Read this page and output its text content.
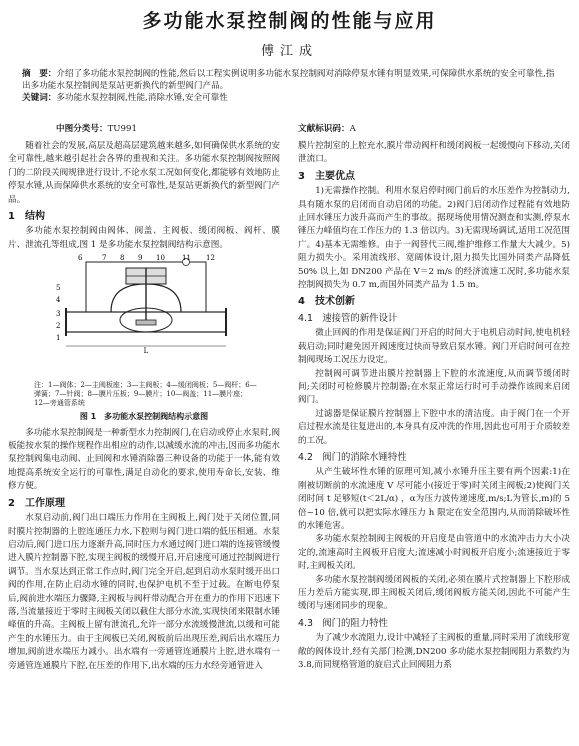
多功能水泵控制阀的性能与应用
傅江成
摘　要：介绍了多功能水泵控制阀的性能,然后以工程实例说明多功能水泵控制阀对消除停泵水锤有明显效果,可保障供水系统的安全可靠性,指出多功能水泵控制阀是泵站更新换代的新型阀门产品。
关键词：多功能水泵控制阀,性能,消除水锤,安全可靠性
中图分类号：TU991	文献标识码：A

随着社会的发展,高层及超高层建筑越来越多,如何确保供水系统的安全可靠性,越来越引起社会各界的重视和关注。多功能水泵控制阀按照阀门的二阶段关阀规律进行设计,不论水泵工况如何变化,都能够有效地防止停泵水锤,从而保障供水系统的安全可靠性,是泵站更新换代的新型阀门产品。

1　结构

多功能水泵控制阀由阀体、阀盖、主阀板、缓闭阀板、阀杆、膜片、泄流孔等组成,图 1 是多功能水泵控制阀结构示意图。

L
6	7 8 9 10 11 12
5
4
3
2
1
注：1—阀体；2—主阀板座；3—主阀板；4—缓闭阀板；5—阀杆；6—
弹簧；7—针阀；8—膜片压板；9—膜片；10—阀盖；11—膜片座；
12—旁通管系统
图 1　多功能水泵控制阀结构示意图

多功能水泵控制阀是一种新型水力控制阀门,在启动或停止水泵时,阀板能按水泵的操作规程作出相应的动作,以减缓水流的冲击,因而多功能水泵控制阀集电动阀、止回阀和水锤消除器三种设备的功能于一体,能有效地提高系统安全运行的可靠性,满足自动化的要求,使用寿命长,安装、维修方便。

2　工作原理

水泵启动前,阀门出口端压力作用在主阀板上,阀门处于关闭位置,同时膜片控制器的上腔连通压力水,下腔则与阀门进口端的低压相通。水泵启动后,阀门进口压力逐渐升高,同时压力水通过阀门进口端的连接管缓慢进入膜片控制器下腔,实现主阀板的缓慢开启,开启速度可通过控制阀进行调节。当水泵达到正常工作点时,阀门完全开启,起到启动水泵时缓开出口阀的作用,在防止启动水锤的同时,也保护电机不至于过载。在断电停泵后,阀前进水端压力骤降,主阀板与阀杆带动配合开在重力的作用下迅速下落,当流量接近于零时主阀板关闭以截住大部分水流,实现快闭来限制水锤峰值的升高。主阀板上留有泄流孔,允许一部分水流缓慢泄流,以缓和可能产生的水锤压力。由于主阀板已关闭,阀板前后出现压差,阀后出水端压力增加,阀前进水端压力减小。出水端有一旁通管连通膜片上腔,进水端有一旁通管连通膜片下腔,在压差的作用下,出水端的压力水经旁通管进入

膜片控制室的上腔充水,膜片带动阀杆和缓闭阀板一起缓慢向下移动,关闭泄流口。

3　主要优点

1)无需操作控制。利用水泵启停时阀门前后的水压差作为控制动力,具有随水泵的启闭而自动启闭的功能。2)阀门启闭动作过程能有效地防止回水锤压力波升高而产生的事故。据现场使用情况测查和实测,停泵水锤压力峰值均在工作压力的 1.3 倍以内。3)无需现场调试,适用工况范围广。4)基本无需维修。由于一阀替代三阀,维护维修工作量大大减少。5)阻力损失小。采用流线形、宽阔体设计,阻力损失比国外同类产品降低 50% 以上,如 DN200 产品在 V＝2 m/s 的经济流速工况时,多功能水泵控制阀损失为 0.7 m,而国外同类产品为 1.5 m。

4　技术创新
4.1　速接管的新件设计

微止回阀的作用是保证阀门开启的时间大于电机启动时间,使电机轻载启动;同时避免因开阀速度过快而导致启泵水锤。阀门开启时间可在控制阀现场工况压力设定。

控制阀可调节进出膜片控制器上下腔的水流速度,从而调节缓闭时间;关闭时可检修膜片控制器;在水泵正常运行时可手动操作该阀来启闭阀门。

过滤器是保证膜片控制器上下腔中水的清洁度。由于阀门在一个开启过程水流是往复进出的,本身具有反冲洗的作用,因此也可用于介质较差的工况。

4.2　阀门的消除水锤特性

从产生破坏性水锤的原理可知,减小水锤升压主要有两个因素:1)在刚被切断前的水流速度 V 尽可能小(接近于零)时关闭主阀板;2)使阀门关闭时间 t 足够短(t＜2L/α) ，α为压力波传递速度,m/s;L为管长,m)的 5 倍~10 倍,就可以把实际水锤压力 h 限定在安全范围内,从而消除破坏性的水锤危害。

多功能水泵控制阀主阀板的开启度是由管道中的水流冲击力大小决定的,流速高时主阀板开启度大;流速减小时阀板开启度小;流速接近于零时,主阀板关闭。

多功能水泵控制阀缓闭阀板的关闭,必须在膜片式控制器上下腔形成压力差后方能实现,即主阀板关闭后,缓闭阀板方能关闭,因此不可能产生缓闭与速闭同步的现象。

4.3　阀门的阻力特性

为了减少水流阻力,设计中减轻了主阀板的重量,同时采用了流线形宽敞的阀体设计,经有关部门检测,DN200 多功能水泵控制阀阻力系数约为 3.8,而同规格管道的旋启式止回阀阻力系
